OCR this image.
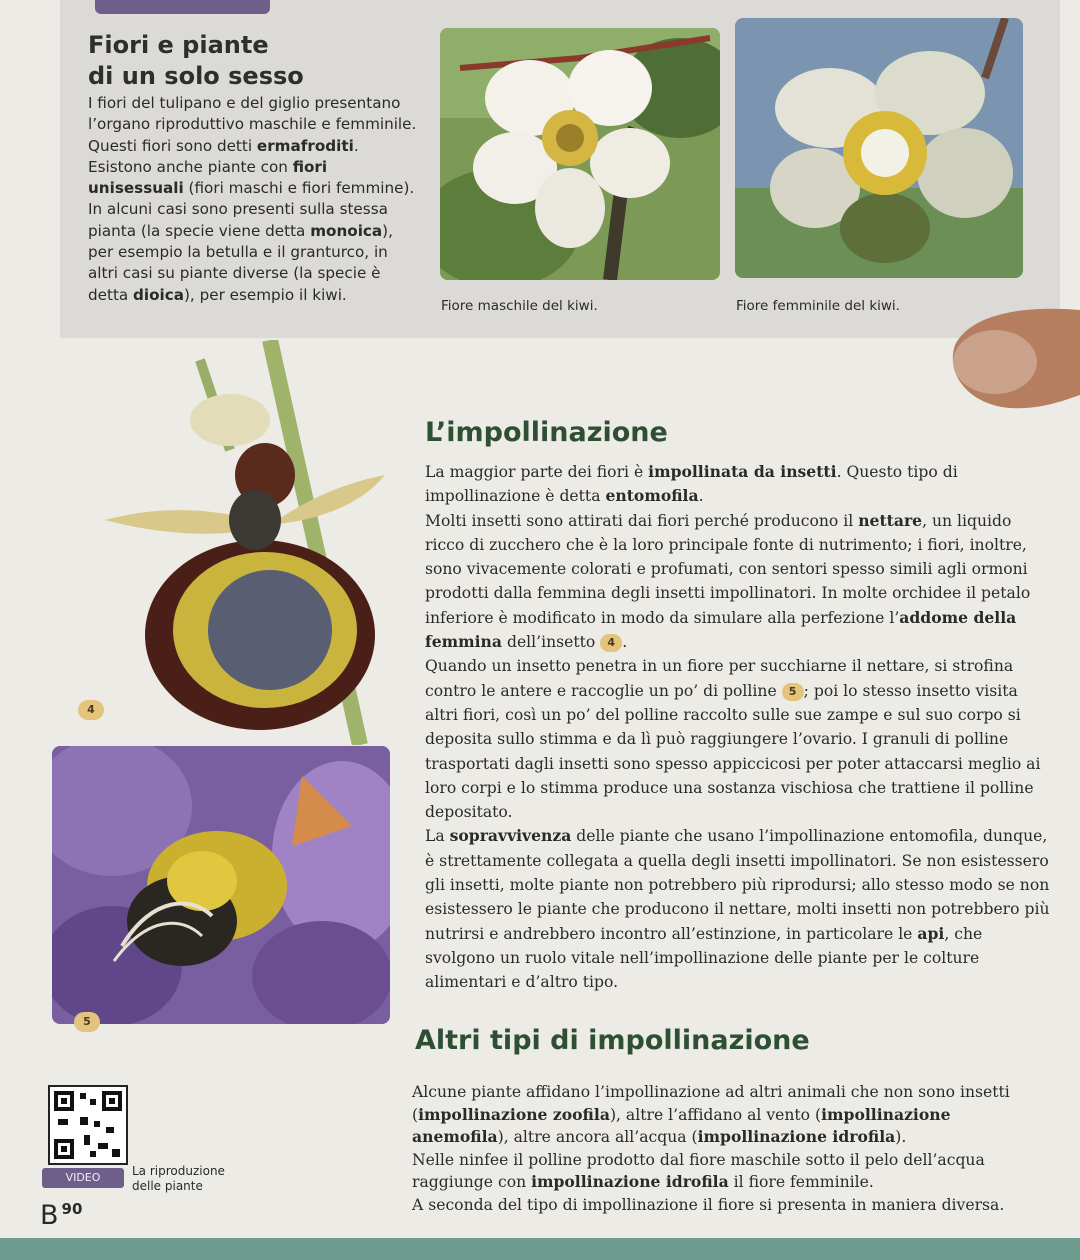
Fiori e piante
di un solo sesso
I fiori del tulipano e del giglio presentano l’organo riproduttivo maschile e femminile. Questi fiori sono detti ermafroditi.
Esistono anche piante con fiori unisessuali (fiori maschi e fiori femmine).
In alcuni casi sono presenti sulla stessa pianta (la specie viene detta monoica), per esempio la betulla e il granturco, in altri casi su piante diverse (la specie è detta dioica), per esempio il kiwi.
Fiore maschile del kiwi.	Fiore femminile del kiwi.
4
5
L’impollinazione

La maggior parte dei fiori è impollinata da insetti. Questo tipo di impollinazione è detta entomofila.

Molti insetti sono attirati dai fiori perché producono il nettare, un liquido ricco di zucchero che è la loro principale fonte di nutrimento; i fiori, inoltre, sono vivacemente colorati e profumati, con sentori spesso simili agli ormoni prodotti dalla femmina degli insetti impollinatori. In molte orchidee il petalo inferiore è modificato in modo da simulare alla perfezione l’addome della femmina dell’insetto 4 .

Quando un insetto penetra in un fiore per succhiarne il nettare, si strofina contro le antere e raccoglie un po’ di polline 5 ; poi lo stesso insetto visita altri fiori, così un po’ del polline raccolto sulle sue zampe e sul suo corpo si deposita sullo stimma e da lì può raggiungere l’ovario. I granuli di polline trasportati dagli insetti sono spesso appiccicosi per poter attaccarsi meglio ai loro corpi e lo stimma produce una sostanza vischiosa che trattiene il polline depositato.

La sopravvivenza delle piante che usano l’impollinazione entomofila, dunque, è strettamente collegata a quella degli insetti impollinatori. Se non esistessero gli insetti, molte piante non potrebbero più riprodursi; allo stesso modo se non esistessero le piante che producono il nettare, molti insetti non potrebbero più nutrirsi e andrebbero incontro all’estinzione, in particolare le api, che svolgono un ruolo vitale nell’impollinazione delle piante per le colture alimentari e d’altro tipo.

Altri tipi di impollinazione

Alcune piante affidano l’impollinazione ad altri animali che non sono insetti (impollinazione zoofila), altre l’affidano al vento (impollinazione anemofila), altre ancora all’acqua (impollinazione idrofila).

Nelle ninfee il polline prodotto dal fiore maschile sotto il pelo dell’acqua raggiunge con impollinazione idrofila il fiore femminile.

A seconda del tipo di impollinazione il fiore si presenta in maniera diversa.

VIDEO	La riproduzione
delle piante
B $^{90}$
